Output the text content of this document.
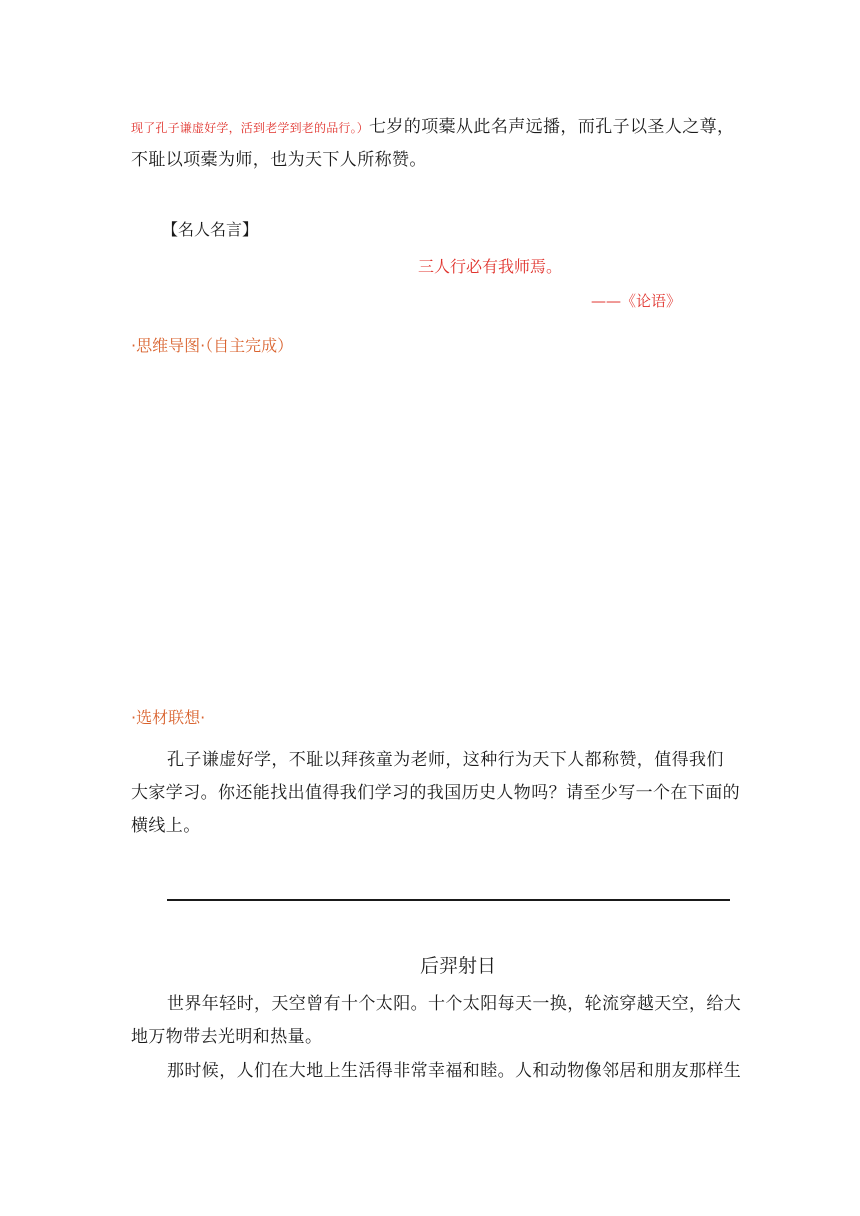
现了孔子谦虚好学，活到老学到老的品行。）七岁的项橐从此名声远播，而孔子以圣人之尊，
不耻以项橐为师，也为天下人所称赞。
【名人名言】
三人行必有我师焉。
——《论语》
·思维导图·（自主完成）
·选材联想·
孔子谦虚好学，不耻以拜孩童为老师，这种行为天下人都称赞，值得我们
大家学习。你还能找出值得我们学习的我国历史人物吗？请至少写一个在下面的
横线上。
后羿射日
世界年轻时，天空曾有十个太阳。十个太阳每天一换，轮流穿越天空，给大
地万物带去光明和热量。
那时候，人们在大地上生活得非常幸福和睦。人和动物像邻居和朋友那样生
